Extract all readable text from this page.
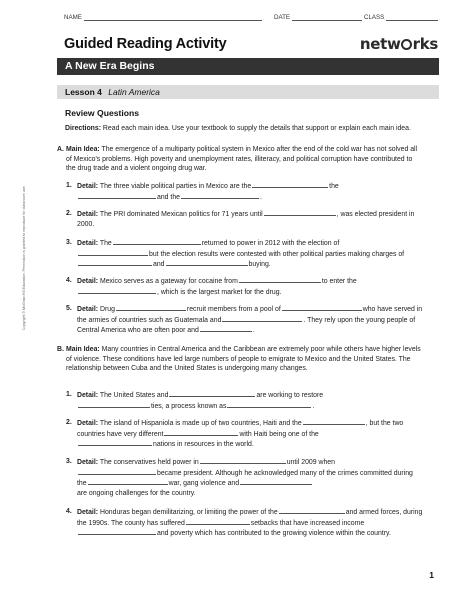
NAME	DATE	CLASS
Guided Reading Activity	netw rks
A New Era Begins
Lesson 4 Latin America
Review Questions
Directions: Read each main idea. Use your textbook to supply the details that support or explain each main idea.
A. Main Idea: The emergence of a multiparty political system in Mexico after the end of the cold war has not solved all of Mexico's problems. High poverty and unemployment rates, illiteracy, and political corruption have contributed to the drug trade and a violent ongoing drug war.
1. Detail: The three viable political parties in Mexico are the	the
and the	.
2. Detail: The PRI dominated Mexican politics for 71 years until	, was elected president in 2000.
3. Detail: The	returned to power in 2012 with the election of
but the election results were contested with other political parties making charges ofand	buying.
4. Detail: Mexico serves as a gateway for cocaine from	to enter the
, which is the largest market for the drug.
5. Detail: Drug	recruit members from a pool of	who have served in the armies of countries such as Guatemala and	. They rely upon the young people of Central America who are often poor and	.
B. Main Idea: Many countries in Central America and the Caribbean are extremely poor while others have higher levels of violence. These conditions have led large numbers of people to emigrate to Mexico and the United States. The relationship between Cuba and the United States is undergoing many changes.
1. Detail: The United States and	are working to restore
ties, a process known as	.
2. Detail: The island of Hispaniola is made up of two countries, Haiti and the	, but the two countries have very different	with Haiti being one of the
nations in resources in the world.
3. Detail: The conservatives held power in	until 2009 when
became president. Although he acknowledged many of the crimes committed during the	war, gang violence and
are ongoing challenges for the country.
4. Detail: Honduras began demilitarizing, or limiting the power of the	and armed forces, during the 1990s. The county has suffered	setbacks that have increased incomeand poverty which has contributed to the growing violence within the country.
Copyright © McGraw-Hill Education. Permission is granted to reproduce for classroom use.
1
